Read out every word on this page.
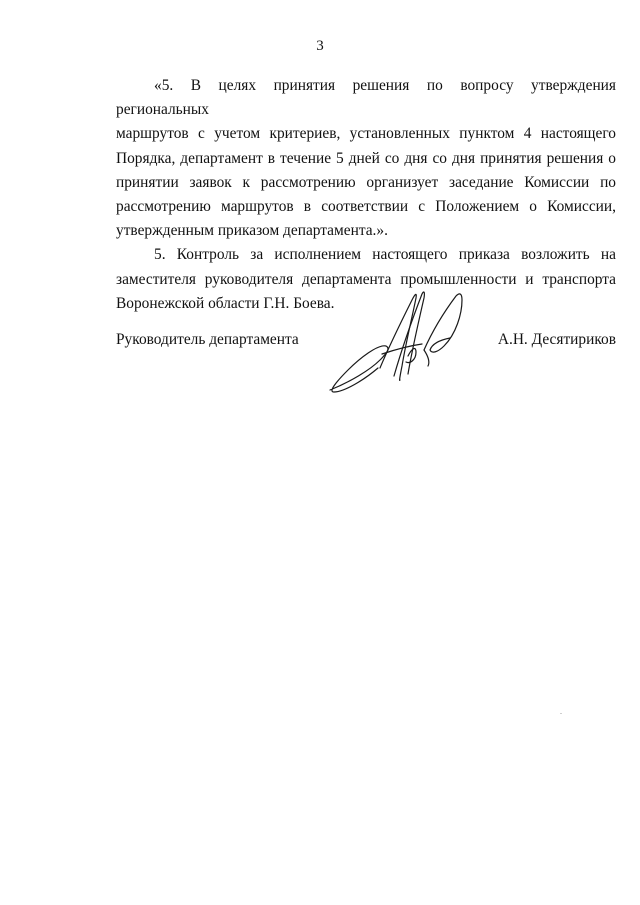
3

«5. В целях принятия решения по вопросу утверждения региональных
маршрутов с учетом критериев, установленных пунктом 4 настоящего
Порядка, департамент в течение 5 дней со дня со дня принятия решения о
принятии заявок к рассмотрению организует заседание Комиссии по
рассмотрению маршрутов в соответствии с Положением о Комиссии,
утвержденным приказом департамента.».

5. Контроль за исполнением настоящего приказа возложить на
заместителя руководителя департамента промышленности и транспорта
Воронежской области Г.Н. Боева.

Руководитель департамента	А.Н. Десятириков
